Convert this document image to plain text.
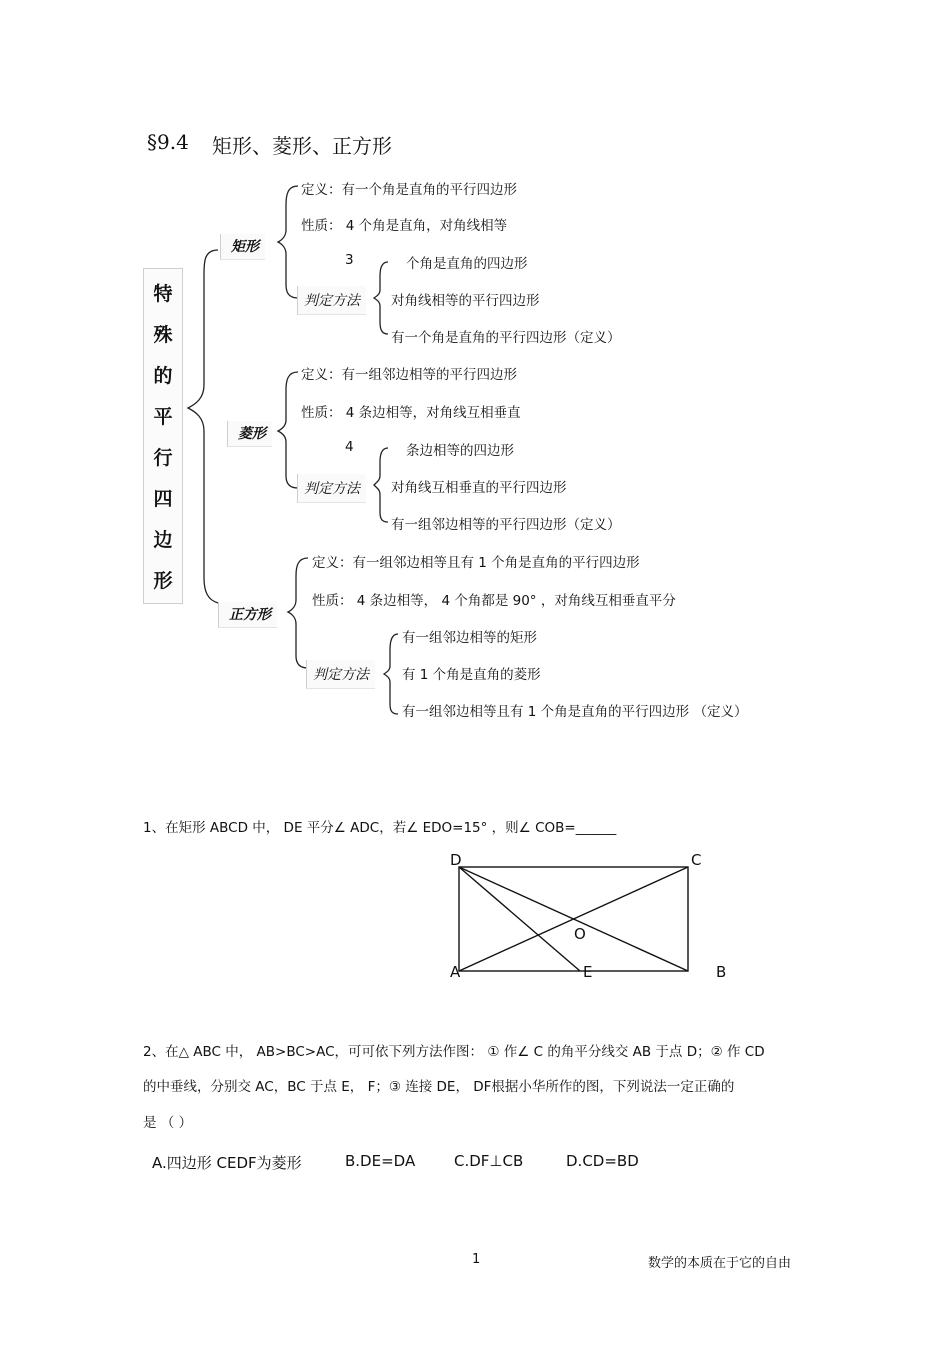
§9.4 矩形、菱形、正方形
特
殊
的
平
行
四
边
形
矩形
定义：有一个角是直角的平行四边形
性质： 4 个角是直角，对角线相等
判定方法
3	个角是直角的四边形
对角线相等的平行四边形
有一个角是直角的平行四边形（定义）
菱形
定义：有一组邻边相等的平行四边形
性质： 4 条边相等，对角线互相垂直
判定方法
4	条边相等的四边形
对角线互相垂直的平行四边形
有一组邻边相等的平行四边形（定义）
正方形
定义：有一组邻边相等且有 1 个角是直角的平行四边形
性质： 4 条边相等， 4 个角都是 90° ，对角线互相垂直平分
判定方法
有一组邻边相等的矩形
有 1 个角是直角的菱形
有一组邻边相等且有 1 个角是直角的平行四边形 （定义）
1、在矩形 ABCD 中， DE 平分∠ ADC，若∠ EDO=15° ，则∠ COB=______
D	C
O
A	E	B
2、在△ ABC 中， AB>BC>AC，可可依下列方法作图： ① 作∠ C 的角平分线交 AB 于点 D；② 作 CD
的中垂线，分别交 AC，BC 于点 E， F；③ 连接 DE， DF根据小华所作的图，下列说法一定正确的
是 （ ）
A.四边形 CEDF为菱形	B.DE=DA	C.DF⊥CB	D.CD=BD
1	数学的本质在于它的自由
